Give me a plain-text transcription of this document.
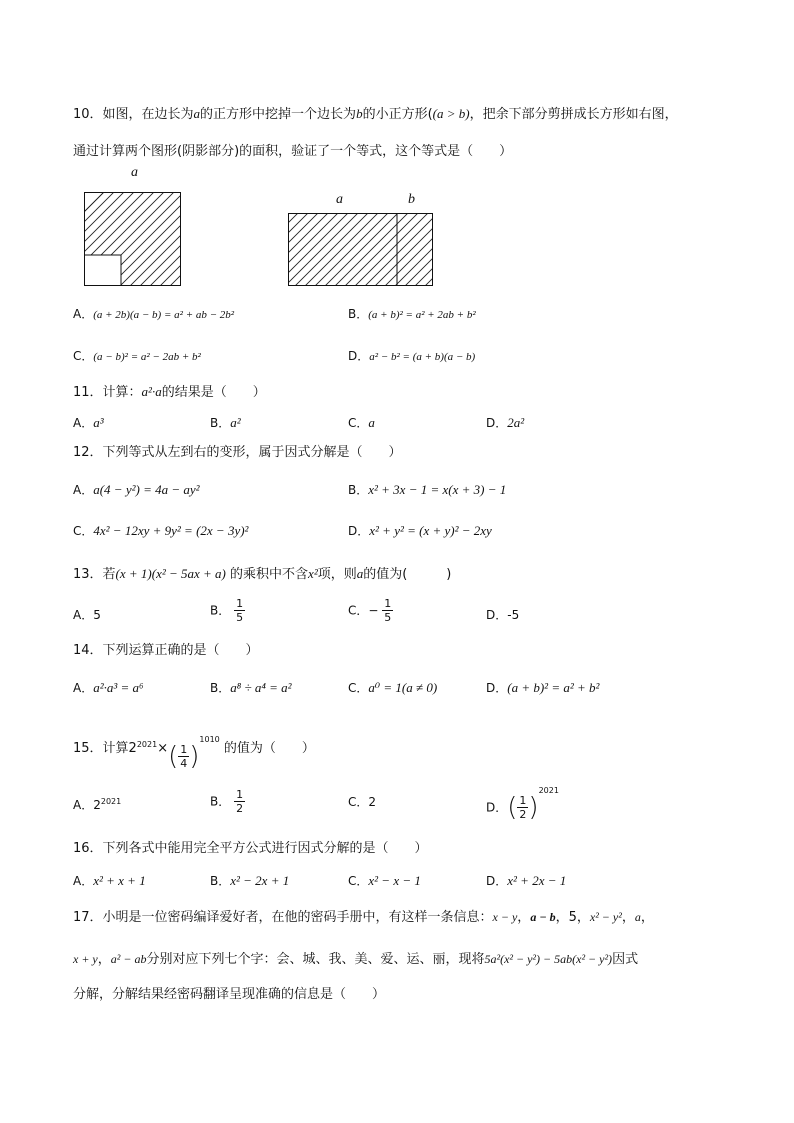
10．如图，在边长为a的正方形中挖掉一个边长为b的小正方形((a > b)，把余下部分剪拼成长方形如右图，
通过计算两个图形(阴影部分)的面积，验证了一个等式，这个等式是（　　）
a
a	b
A．(a + 2b)(a − b) = a² + ab − 2b²	B．(a + b)² = a² + 2ab + b²
C．(a − b)² = a² − 2ab + b²	D．a² − b² = (a + b)(a − b)
11．计算：a²·a的结果是（　　）
A．a³	B．a²	C．a	D．2a²
12．下列等式从左到右的变形，属于因式分解是（　　）
A．a(4 − y²) = 4a − ay²	B．x² + 3x − 1 = x(x + 3) − 1
C．4x² − 12xy + 9y² = (2x − 3y)²	D．x² + y² = (x + y)² − 2xy
13．若(x + 1)(x² − 5ax + a) 的乘积中不含x²项，则a的值为(　　　)
A．5	B． $\frac{1}{5}$	C．− $\frac{1}{5}$	D．-5
14．下列运算正确的是（　　）
A．a²·a³ = a⁶	B．a⁸ ÷ a⁴ = a²	C．a⁰ = 1(a ≠ 0)	D．(a + b)² = a² + b²
15．计算$2^{2021}\times( \frac{1}{4} )^{1010}$ 的值为（　　）
A．$2^{2021}$	B． $\frac{1}{2}$	C．2	D．( $\frac{1}{2} )^{2021}$
16．下列各式中能用完全平方公式进行因式分解的是（　　）
A．x² + x + 1	B．x² − 2x + 1	C．x² − x − 1	D．x² + 2x − 1
17．小明是一位密码编译爱好者，在他的密码手册中，有这样一条信息：x − y，a − b，5，x² − y²，a，
x + y，a² − ab分别对应下列七个字：会、城、我、美、爱、运、丽，现将5a²(x² − y²) − 5ab(x² − y²)因式
分解，分解结果经密码翻译呈现准确的信息是（　　）
